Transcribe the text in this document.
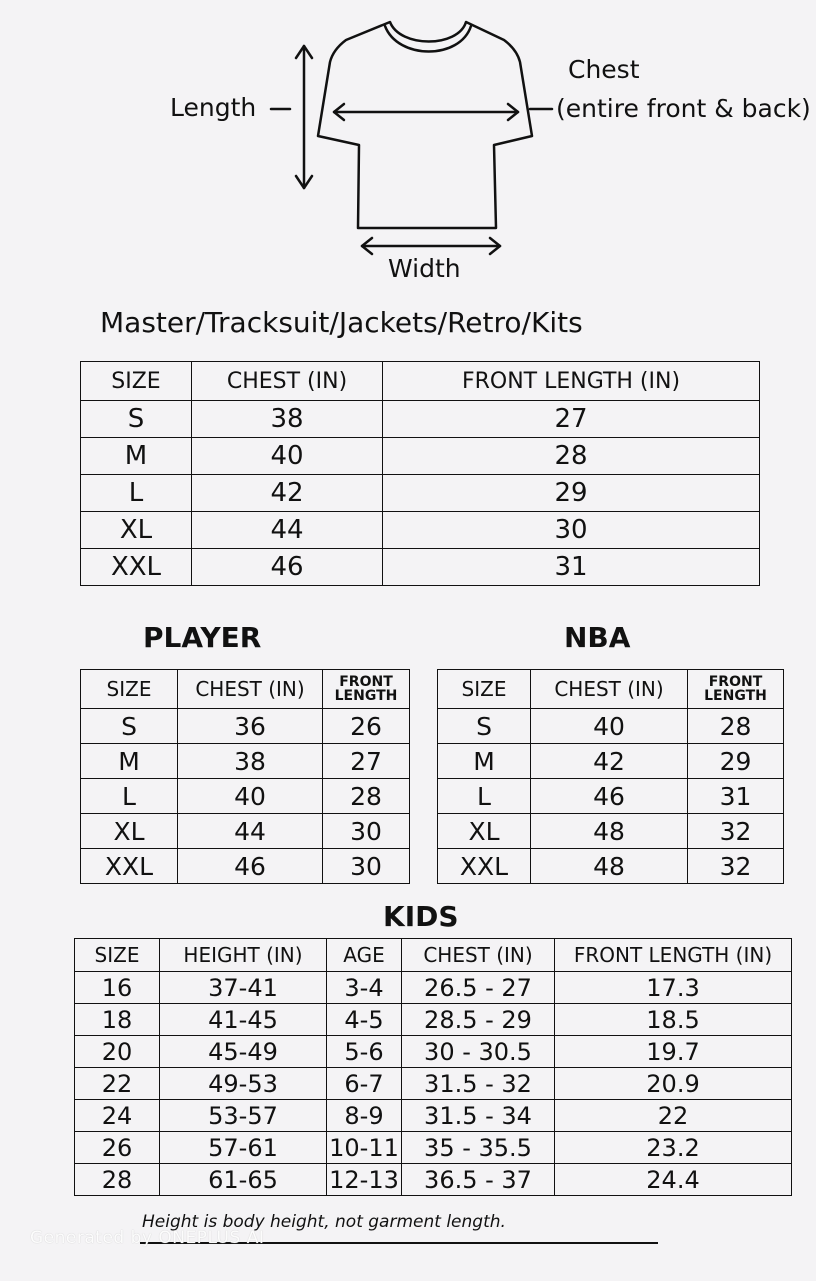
Length
Chest
(entire front & back)
Width
Master/Tracksuit/Jackets/Retro/Kits
SIZE	CHEST (IN)	FRONT LENGTH (IN)
S	38	27
M	40	28
L	42	29
XL	44	30
XXL	46	31
PLAYER
SIZE	CHEST (IN)	FRONT
LENGTH
S	36	26
M	38	27
L	40	28
XL	44	30
XXL	46	30
NBA
SIZE	CHEST (IN)	FRONT
LENGTH
S	40	28
M	42	29
L	46	31
XL	48	32
XXL	48	32
KIDS
SIZE	HEIGHT (IN)	AGE	CHEST (IN)	FRONT LENGTH (IN)
16	37-41	3-4	26.5 - 27	17.3
18	41-45	4-5	28.5 - 29	18.5
20	45-49	5-6	30 - 30.5	19.7
22	49-53	6-7	31.5 - 32	20.9
24	53-57	8-9	31.5 - 34	22
26	57-61	10-11	35 - 35.5	23.2
28	61-65	12-13	36.5 - 37	24.4
Height is body height, not garment length.
Generated by ONEPLUS AI
